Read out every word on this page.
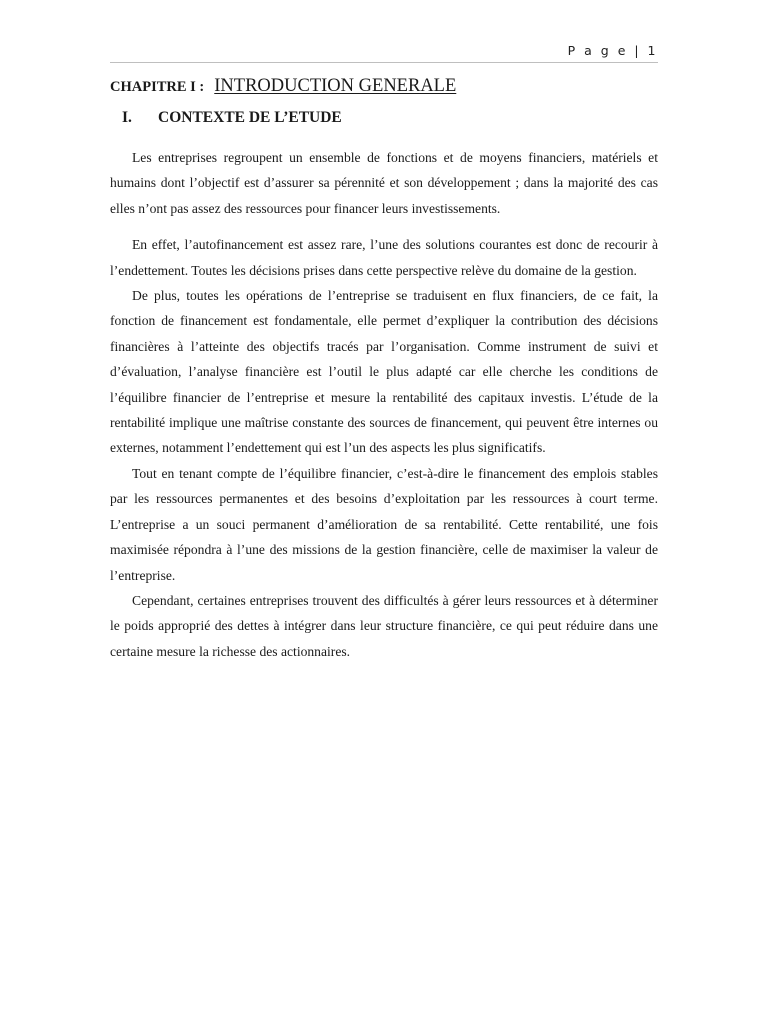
P a g e | 1
CHAPITRE I : INTRODUCTION GENERALE
I. CONTEXTE DE L’ETUDE

Les entreprises regroupent un ensemble de fonctions et de moyens financiers, matériels et humains dont l’objectif est d’assurer sa pérennité et son développement ; dans la majorité des cas elles n’ont pas assez des ressources pour financer leurs investissements.

En effet, l’autofinancement est assez rare, l’une des solutions courantes est donc de recourir à l’endettement. Toutes les décisions prises dans cette perspective relève du domaine de la gestion.

De plus, toutes les opérations de l’entreprise se traduisent en flux financiers, de ce fait, la fonction de financement est fondamentale, elle permet d’expliquer la contribution des décisions financières à l’atteinte des objectifs tracés par l’organisation. Comme instrument de suivi et d’évaluation, l’analyse financière est l’outil le plus adapté car elle cherche les conditions de l’équilibre financier de l’entreprise et mesure la rentabilité des capitaux investis. L’étude de la rentabilité implique une maîtrise constante des sources de financement, qui peuvent être internes ou externes, notamment l’endettement qui est l’un des aspects les plus significatifs.

Tout en tenant compte de l’équilibre financier, c’est-à-dire le financement des emplois stables par les ressources permanentes et des besoins d’exploitation par les ressources à court terme. L’entreprise a un souci permanent d’amélioration de sa rentabilité. Cette rentabilité, une fois maximisée répondra à l’une des missions de la gestion financière, celle de maximiser la valeur de l’entreprise.

Cependant, certaines entreprises trouvent des difficultés à gérer leurs ressources et à déterminer le poids approprié des dettes à intégrer dans leur structure financière, ce qui peut réduire dans une certaine mesure la richesse des actionnaires.
